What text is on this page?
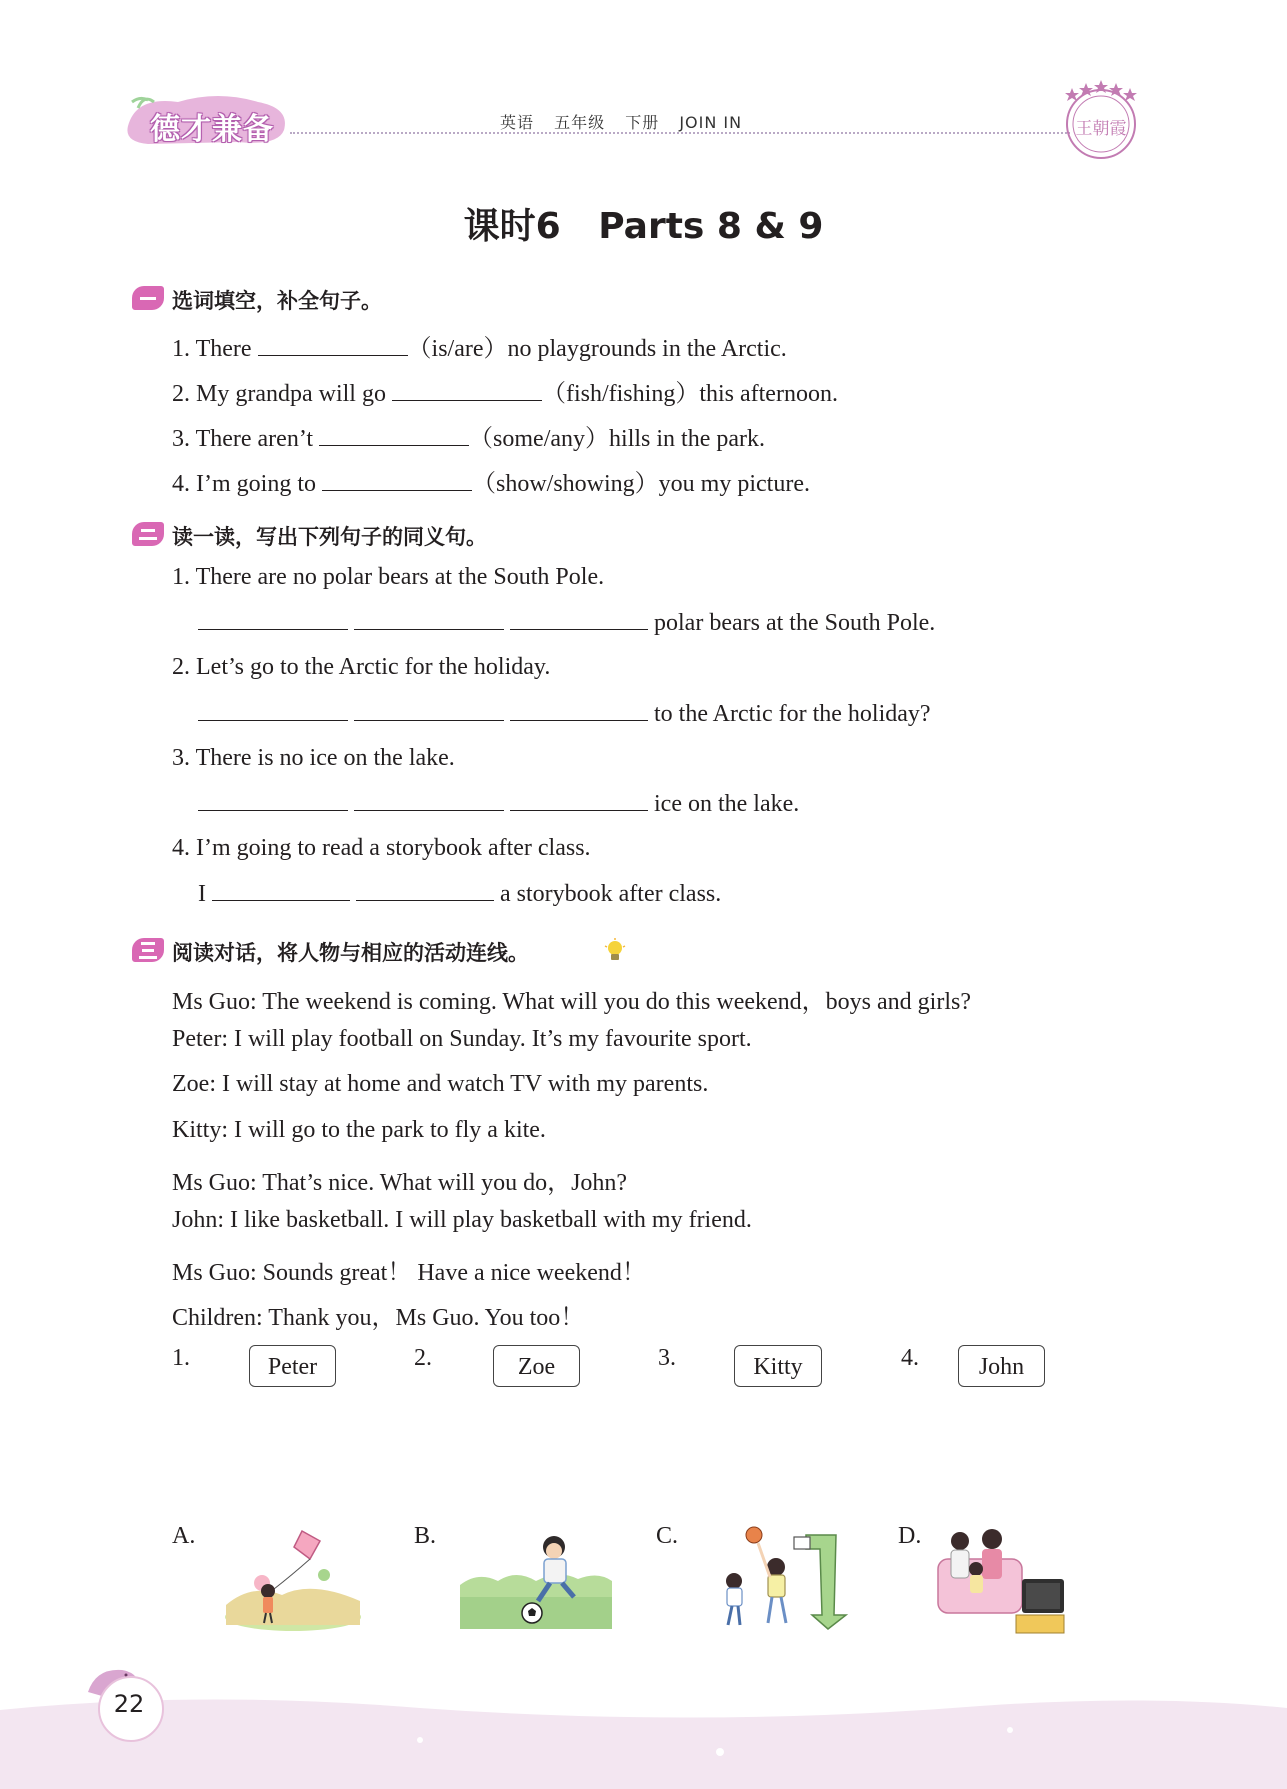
德才兼备	英语 五年级 下册 JOIN IN	王朝霞
课时6   Parts 8 & 9
选词填空，补全句子。
1. There	（is/are）no playgrounds in the Arctic.
2. My grandpa will go	（fish/fishing）this afternoon.
3. There aren’t	（some/any）hills in the park.
4. I’m going to	（show/showing）you my picture.
读一读，写出下列句子的同义句。
1. There are no polar bears at the South Pole.
polar bears at the South Pole.
2. Let’s go to the Arctic for the holiday.
to the Arctic for the holiday?
3. There is no ice on the lake.
ice on the lake.
4. I’m going to read a storybook after class.
I	a storybook after class.
阅读对话，将人物与相应的活动连线。
Ms Guo: The weekend is coming. What will you do this weekend，boys and girls?
Peter: I will play football on Sunday. It’s my favourite sport.
Zoe: I will stay at home and watch TV with my parents.
Kitty: I will go to the park to fly a kite.
Ms Guo: That’s nice. What will you do，John?
John: I like basketball. I will play basketball with my friend.
Ms Guo: Sounds great！ Have a nice weekend！
Children: Thank you，Ms Guo. You too！
1.	Peter	2.	Zoe	3.	Kitty	4.	John
A.	B.	C.	D.
22
